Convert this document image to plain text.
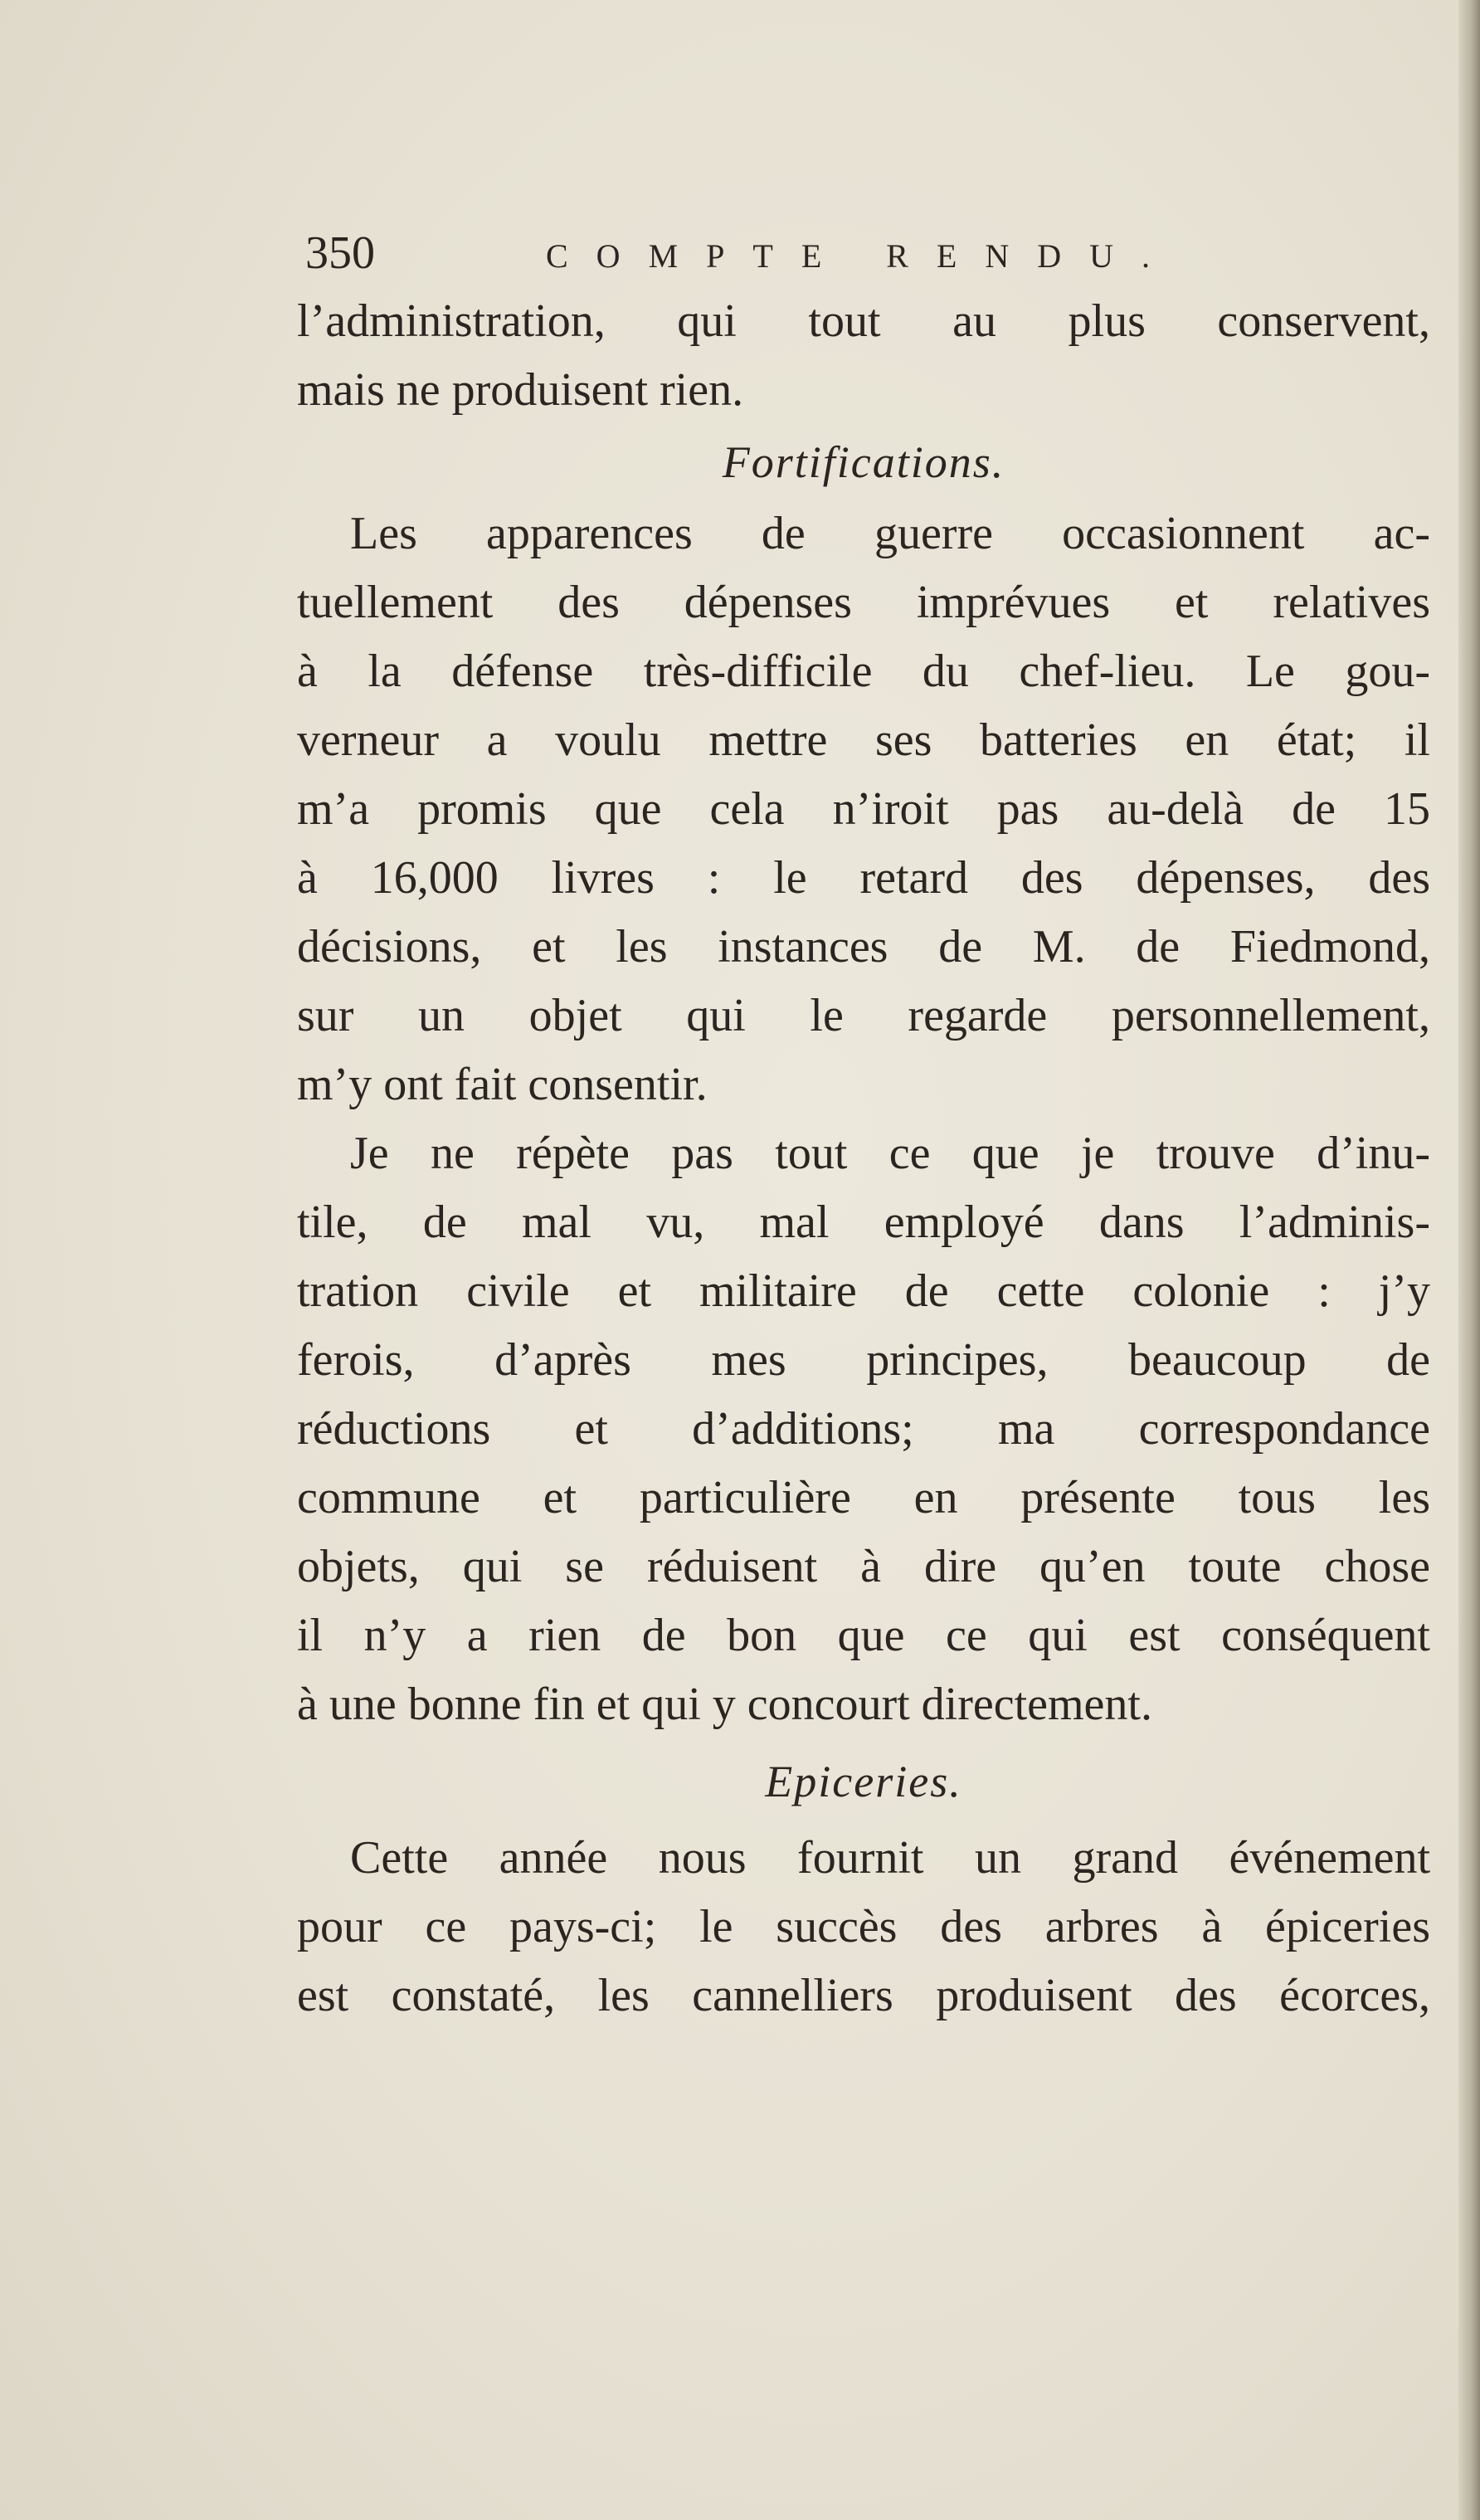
350	COMPTE RENDU.
l’administration, qui tout au plus conservent,
mais ne produisent rien.
Fortifications.
Les apparences de guerre occasionnent ac-
tuellement des dépenses imprévues et relatives
à la défense très-difficile du chef-lieu. Le gou-
verneur a voulu mettre ses batteries en état; il
m’a promis que cela n’iroit pas au-delà de 15
à 16,000 livres : le retard des dépenses, des
décisions, et les instances de M. de Fiedmond,
sur un objet qui le regarde personnellement,
m’y ont fait consentir.
Je ne répète pas tout ce que je trouve d’inu-
tile, de mal vu, mal employé dans l’adminis-
tration civile et militaire de cette colonie : j’y
ferois, d’après mes principes, beaucoup de
réductions et d’additions; ma correspondance
commune et particulière en présente tous les
objets, qui se réduisent à dire qu’en toute chose
il n’y a rien de bon que ce qui est conséquent
à une bonne fin et qui y concourt directement.
Epiceries.
Cette année nous fournit un grand événement
pour ce pays-ci; le succès des arbres à épiceries
est constaté, les cannelliers produisent des écorces,
